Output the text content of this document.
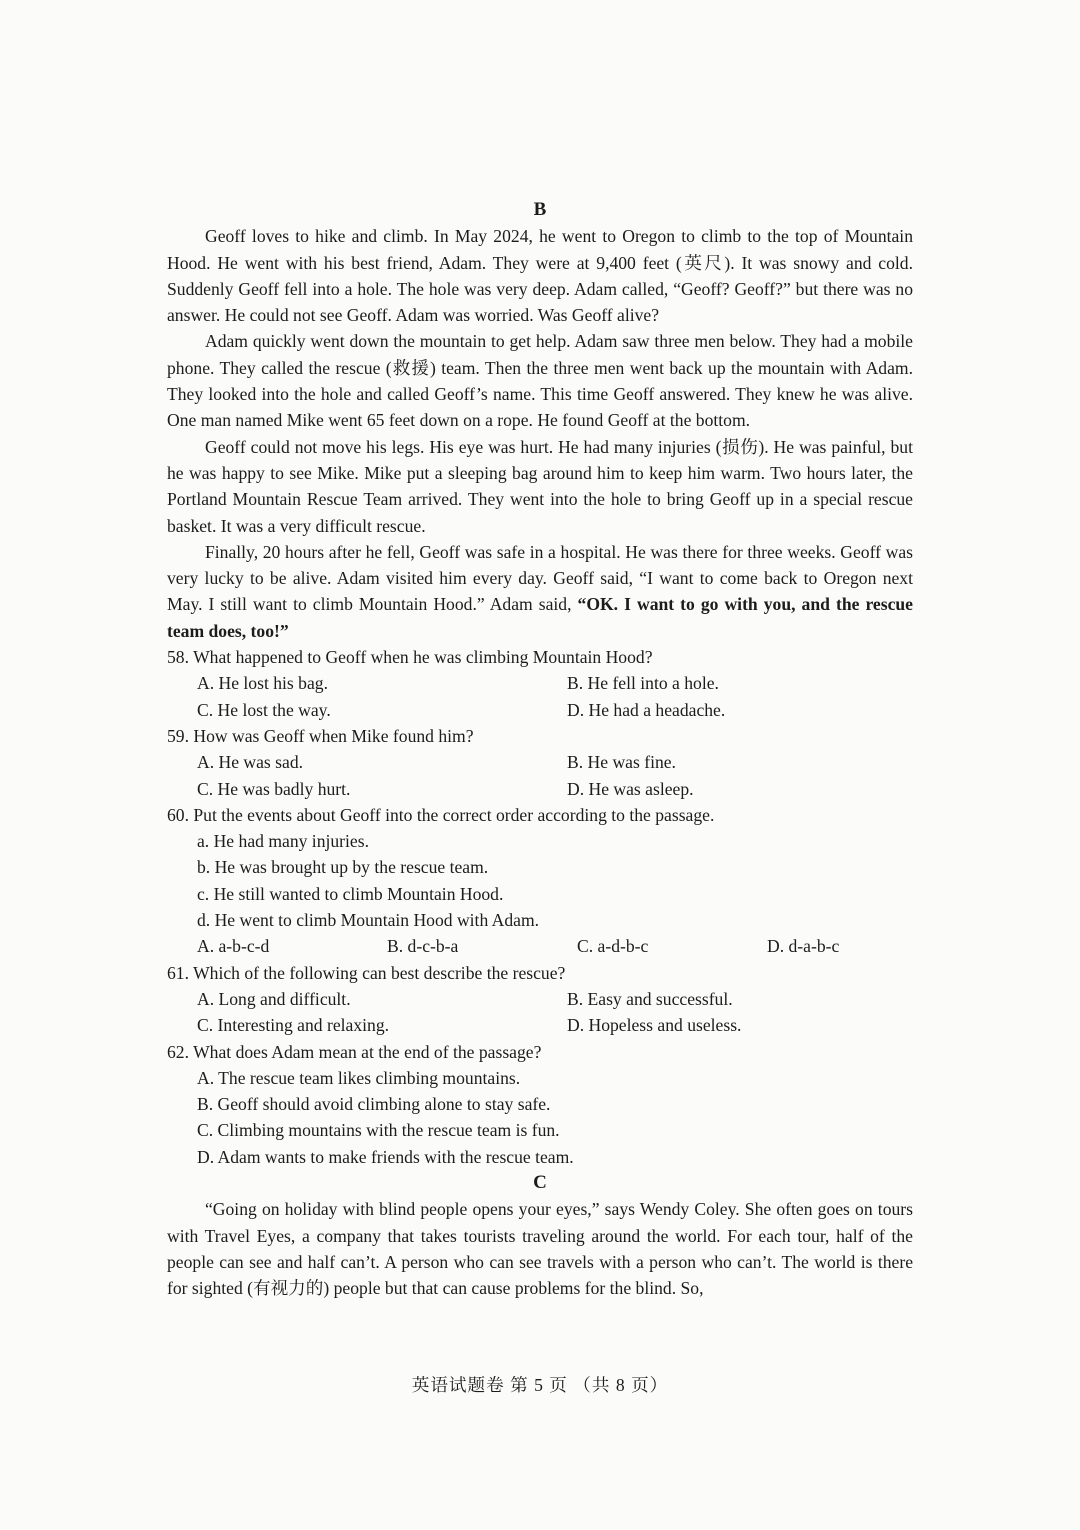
B

Geoff loves to hike and climb. In May 2024, he went to Oregon to climb to the top of Mountain Hood. He went with his best friend, Adam. They were at 9,400 feet (英尺). It was snowy and cold. Suddenly Geoff fell into a hole. The hole was very deep. Adam called, “Geoff? Geoff?” but there was no answer. He could not see Geoff. Adam was worried. Was Geoff alive?

Adam quickly went down the mountain to get help. Adam saw three men below. They had a mobile phone. They called the rescue (救援) team. Then the three men went back up the mountain with Adam. They looked into the hole and called Geoff’s name. This time Geoff answered. They knew he was alive. One man named Mike went 65 feet down on a rope. He found Geoff at the bottom.

Geoff could not move his legs. His eye was hurt. He had many injuries (损伤). He was painful, but he was happy to see Mike. Mike put a sleeping bag around him to keep him warm. Two hours later, the Portland Mountain Rescue Team arrived. They went into the hole to bring Geoff up in a special rescue basket. It was a very difficult rescue.

Finally, 20 hours after he fell, Geoff was safe in a hospital. He was there for three weeks. Geoff was very lucky to be alive. Adam visited him every day. Geoff said, “I want to come back to Oregon next May. I still want to climb Mountain Hood.” Adam said, “OK. I want to go with you, and the rescue team does, too!”

58. What happened to Geoff when he was climbing Mountain Hood?
A. He lost his bag.	B. He fell into a hole.
C. He lost the way.	D. He had a headache.
59. How was Geoff when Mike found him?
A. He was sad.	B. He was fine.
C. He was badly hurt.	D. He was asleep.
60. Put the events about Geoff into the correct order according to the passage.
a. He had many injuries.
b. He was brought up by the rescue team.
c. He still wanted to climb Mountain Hood.
d. He went to climb Mountain Hood with Adam.
A. a-b-c-d	B. d-c-b-a	C. a-d-b-c	D. d-a-b-c
61. Which of the following can best describe the rescue?
A. Long and difficult.	B. Easy and successful.
C. Interesting and relaxing.	D. Hopeless and useless.
62. What does Adam mean at the end of the passage?
A. The rescue team likes climbing mountains.
B. Geoff should avoid climbing alone to stay safe.
C. Climbing mountains with the rescue team is fun.
D. Adam wants to make friends with the rescue team.
C

“Going on holiday with blind people opens your eyes,” says Wendy Coley. She often goes on tours with Travel Eyes, a company that takes tourists traveling around the world. For each tour, half of the people can see and half can’t. A person who can see travels with a person who can’t. The world is there for sighted (有视力的) people but that can cause problems for the blind. So,

英语试题卷 第 5 页 （共 8 页）
